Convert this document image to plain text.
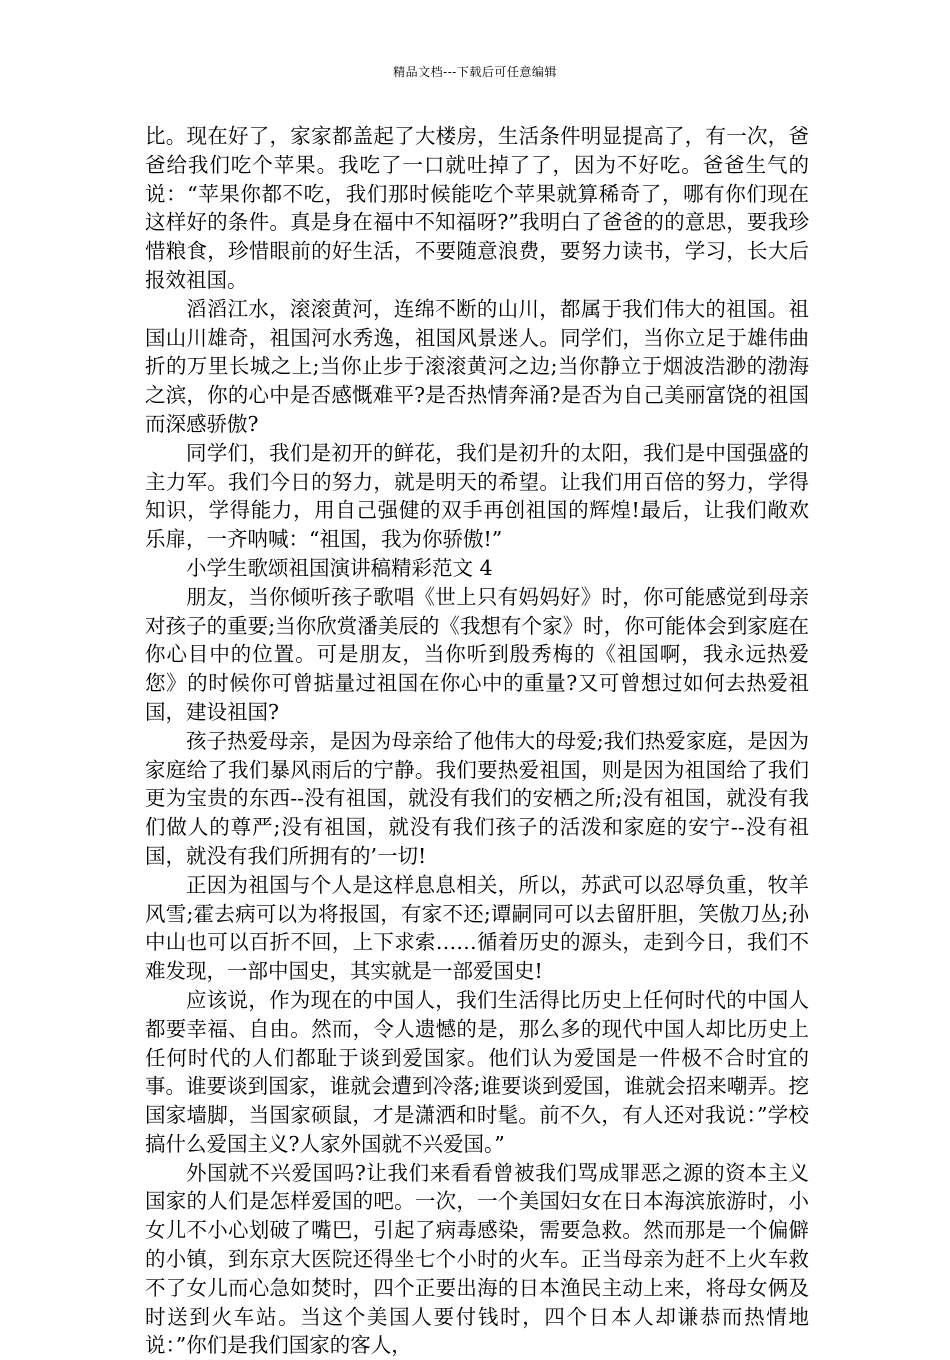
精品文档---下载后可任意编辑

比。现在好了，家家都盖起了大楼房，生活条件明显提高了，有一次，爸爸给我们吃个苹果。我吃了一口就吐掉了了，因为不好吃。爸爸生气的说：“苹果你都不吃，我们那时候能吃个苹果就算稀奇了，哪有你们现在这样好的条件。真是身在福中不知福呀?”我明白了爸爸的的意思，要我珍惜粮食，珍惜眼前的好生活，不要随意浪费，要努力读书，学习，长大后报效祖国。

滔滔江水，滚滚黄河，连绵不断的山川，都属于我们伟大的祖国。祖国山川雄奇，祖国河水秀逸，祖国风景迷人。同学们，当你立足于雄伟曲折的万里长城之上;当你止步于滚滚黄河之边;当你静立于烟波浩渺的渤海之滨，你的心中是否感慨难平?是否热情奔涌?是否为自己美丽富饶的祖国而深感骄傲?

同学们，我们是初开的鲜花，我们是初升的太阳，我们是中国强盛的主力军。我们今日的努力，就是明天的希望。让我们用百倍的努力，学得知识，学得能力，用自己强健的双手再创祖国的辉煌!最后，让我们敞欢乐扉，一齐呐喊：“祖国，我为你骄傲!”

小学生歌颂祖国演讲稿精彩范文 4

朋友，当你倾听孩子歌唱《世上只有妈妈好》时，你可能感觉到母亲对孩子的重要;当你欣赏潘美辰的《我想有个家》时，你可能体会到家庭在你心目中的位置。可是朋友，当你听到殷秀梅的《祖国啊，我永远热爱您》的时候你可曾掂量过祖国在你心中的重量?又可曾想过如何去热爱祖国，建设祖国?

孩子热爱母亲，是因为母亲给了他伟大的母爱;我们热爱家庭，是因为家庭给了我们暴风雨后的宁静。我们要热爱祖国，则是因为祖国给了我们更为宝贵的东西--没有祖国，就没有我们的安栖之所;没有祖国，就没有我们做人的尊严;没有祖国，就没有我们孩子的活泼和家庭的安宁--没有祖国，就没有我们所拥有的’一切!

正因为祖国与个人是这样息息相关，所以，苏武可以忍辱负重，牧羊风雪;霍去病可以为将报国，有家不还;谭嗣同可以去留肝胆，笑傲刀丛;孙中山也可以百折不回，上下求索……循着历史的源头，走到今日，我们不难发现，一部中国史，其实就是一部爱国史!

应该说，作为现在的中国人，我们生活得比历史上任何时代的中国人都要幸福、自由。然而，令人遗憾的是，那么多的现代中国人却比历史上任何时代的人们都耻于谈到爱国家。他们认为爱国是一件极不合时宜的事。谁要谈到国家，谁就会遭到冷落;谁要谈到爱国，谁就会招来嘲弄。挖国家墙脚，当国家硕鼠，才是潇洒和时髦。前不久，有人还对我说：”学校搞什么爱国主义?人家外国就不兴爱国。”

外国就不兴爱国吗?让我们来看看曾被我们骂成罪恶之源的资本主义国家的人们是怎样爱国的吧。一次，一个美国妇女在日本海滨旅游时，小女儿不小心划破了嘴巴，引起了病毒感染，需要急救。然而那是一个偏僻的小镇，到东京大医院还得坐七个小时的火车。正当母亲为赶不上火车救不了女儿而心急如焚时，四个正要出海的日本渔民主动上来，将母女俩及时送到火车站。当这个美国人要付钱时，四个日本人却谦恭而热情地说：”你们是我们国家的客人，
